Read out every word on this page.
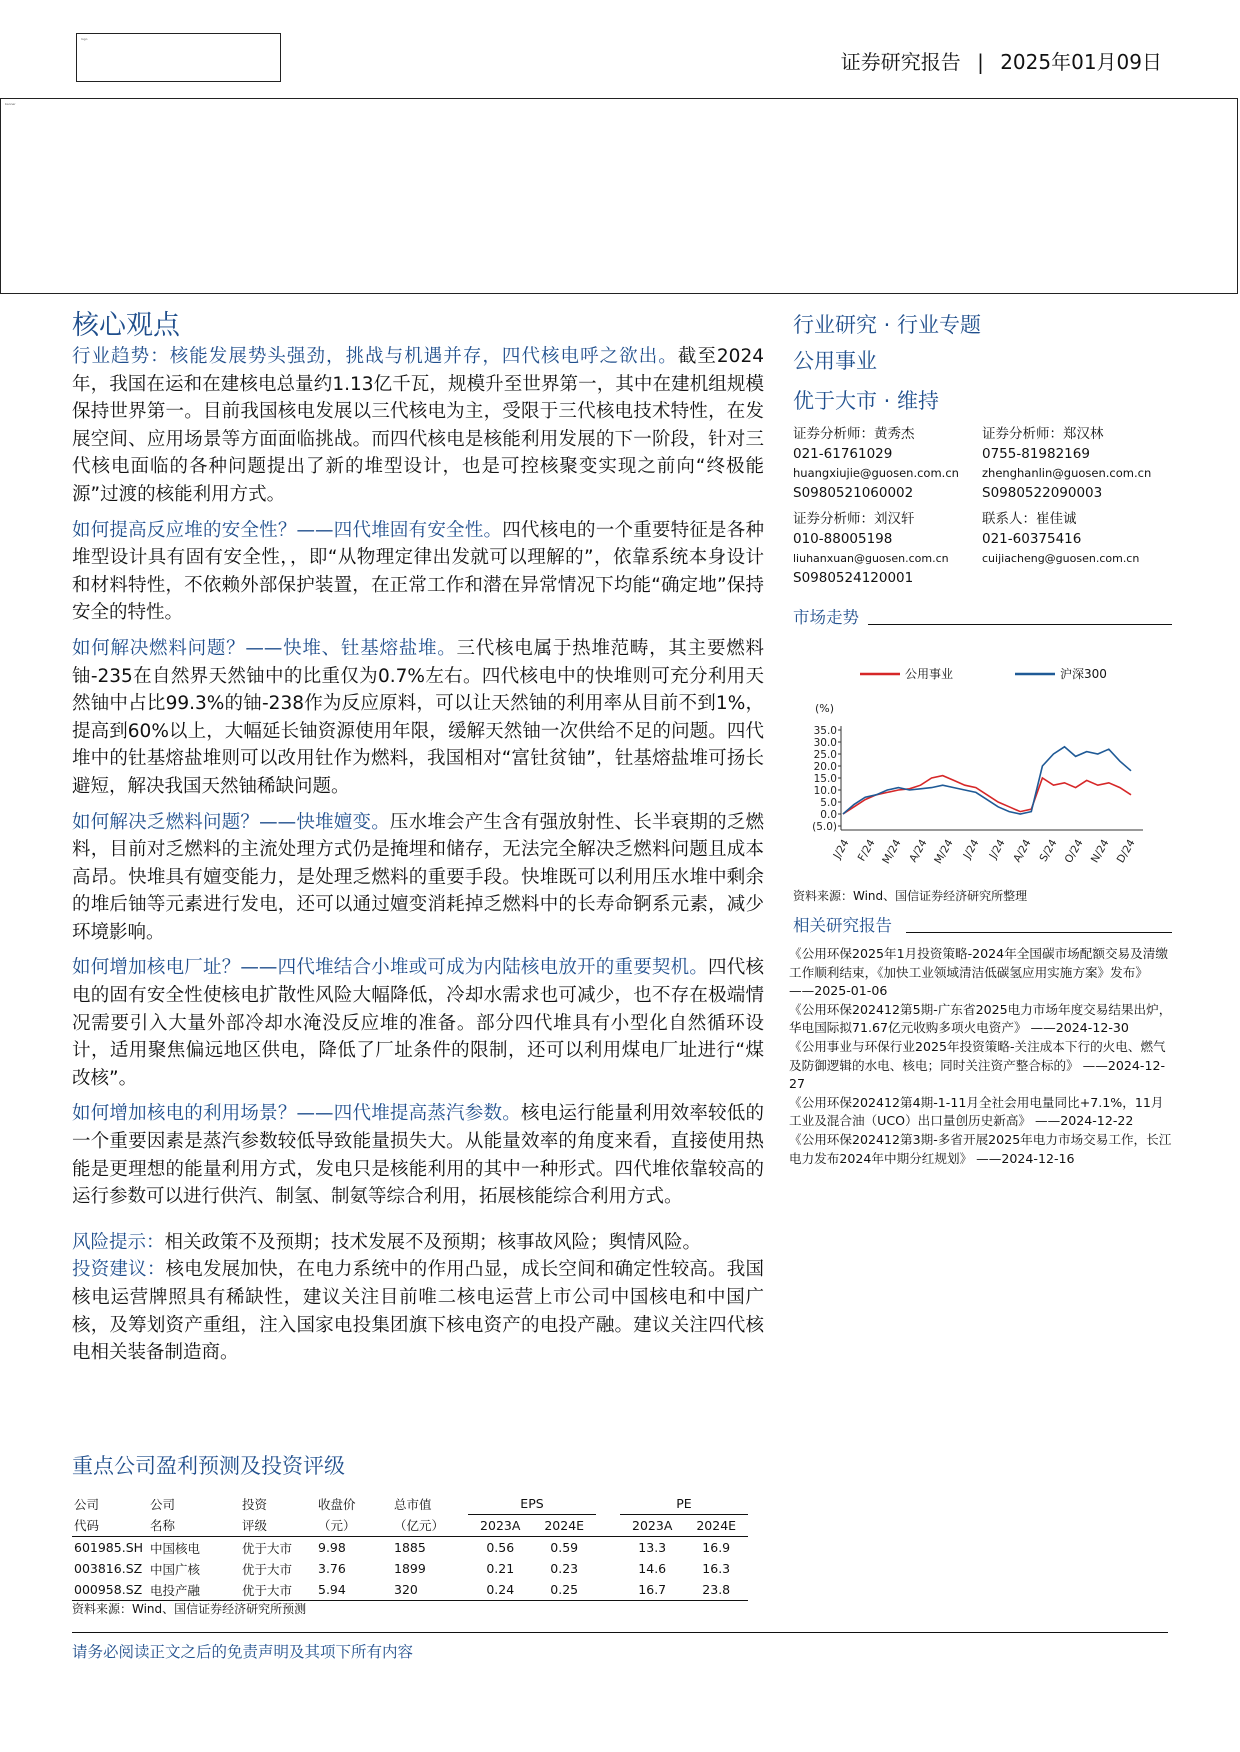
logo
证券研究报告 | 2025年01月09日
banner
核心观点

行业趋势：核能发展势头强劲，挑战与机遇并存，四代核电呼之欲出。截至2024年，我国在运和在建核电总量约1.13亿千瓦，规模升至世界第一，其中在建机组规模保持世界第一。目前我国核电发展以三代核电为主，受限于三代核电技术特性，在发展空间、应用场景等方面面临挑战。而四代核电是核能利用发展的下一阶段，针对三代核电面临的各种问题提出了新的堆型设计，也是可控核聚变实现之前向“终极能源”过渡的核能利用方式。

如何提高反应堆的安全性？——四代堆固有安全性。四代核电的一个重要特征是各种堆型设计具有固有安全性，，即“从物理定律出发就可以理解的”，依靠系统本身设计和材料特性，不依赖外部保护装置，在正常工作和潜在异常情况下均能“确定地”保持安全的特性。

如何解决燃料问题？——快堆、钍基熔盐堆。三代核电属于热堆范畴，其主要燃料铀-235在自然界天然铀中的比重仅为0.7%左右。四代核电中的快堆则可充分利用天然铀中占比99.3%的铀-238作为反应原料，可以让天然铀的利用率从目前不到1%，提高到60%以上，大幅延长铀资源使用年限，缓解天然铀一次供给不足的问题。四代堆中的钍基熔盐堆则可以改用钍作为燃料，我国相对“富钍贫铀”，钍基熔盐堆可扬长避短，解决我国天然铀稀缺问题。

如何解决乏燃料问题？——快堆嬗变。压水堆会产生含有强放射性、长半衰期的乏燃料，目前对乏燃料的主流处理方式仍是掩埋和储存，无法完全解决乏燃料问题且成本高昂。快堆具有嬗变能力，是处理乏燃料的重要手段。快堆既可以利用压水堆中剩余的堆后铀等元素进行发电，还可以通过嬗变消耗掉乏燃料中的长寿命锕系元素，减少环境影响。

如何增加核电厂址？——四代堆结合小堆或可成为内陆核电放开的重要契机。四代核电的固有安全性使核电扩散性风险大幅降低，冷却水需求也可减少，也不存在极端情况需要引入大量外部冷却水淹没反应堆的准备。部分四代堆具有小型化自然循环设计，适用聚焦偏远地区供电，降低了厂址条件的限制，还可以利用煤电厂址进行“煤改核”。

如何增加核电的利用场景？——四代堆提高蒸汽参数。核电运行能量利用效率较低的一个重要因素是蒸汽参数较低导致能量损失大。从能量效率的角度来看，直接使用热能是更理想的能量利用方式，发电只是核能利用的其中一种形式。四代堆依靠较高的运行参数可以进行供汽、制氢、制氨等综合利用，拓展核能综合利用方式。

风险提示：相关政策不及预期；技术发展不及预期；核事故风险；舆情风险。

投资建议：核电发展加快，在电力系统中的作用凸显，成长空间和确定性较高。我国核电运营牌照具有稀缺性，建议关注目前唯二核电运营上市公司中国核电和中国广核，及筹划资产重组，注入国家电投集团旗下核电资产的电投产融。建议关注四代核电相关装备制造商。

行业研究 · 行业专题
公用事业
优于大市 · 维持
证券分析师：黄秀杰
021-61761029
huangxiujie@guosen.com.cn
S0980521060002
证券分析师：郑汉林
0755-81982169
zhenghanlin@guosen.com.cn
S0980522090003
证券分析师：刘汉轩
010-88005198
liuhanxuan@guosen.com.cn
S0980524120001
联系人：崔佳诚
021-60375416
cuijiacheng@guosen.com.cn
市场走势
公用事业	沪深300
(%)
35.0
30.0
25.0
20.0
15.0
10.0
5.0
0.0
(5.0)
J/24 F/24 M/24 A/24 M/24 J/24 J/24 A/24 S/24 O/24 N/24 D/24
资料来源：Wind、国信证券经济研究所整理
相关研究报告

《公用环保2025年1月投资策略-2024年全国碳市场配额交易及清缴工作顺利结束，《加快工业领域清洁低碳氢应用实施方案》发布》 ——2025-01-06

《公用环保202412第5期-广东省2025电力市场年度交易结果出炉，华电国际拟71.67亿元收购多项火电资产》 ——2024-12-30

《公用事业与环保行业2025年投资策略-关注成本下行的火电、燃气及防御逻辑的水电、核电；同时关注资产整合标的》 ——2024-12-27

《公用环保202412第4期-1-11月全社会用电量同比+7.1%，11月工业及混合油（UCO）出口量创历史新高》 ——2024-12-22

《公用环保202412第3期-多省开展2025年电力市场交易工作，长江电力发布2024年中期分红规划》 ——2024-12-16

重点公司盈利预测及投资评级
公司	公司	投资	收盘价	总市值	EPS			PE	
代码	名称	评级	（元）	（亿元）	2023A	2024E		2023A	2024E
601985.SH	中国核电	优于大市	9.98	1885	0.56	0.59		13.3	16.9
003816.SZ	中国广核	优于大市	3.76	1899	0.21	0.23		14.6	16.3
000958.SZ	电投产融	优于大市	5.94	320	0.24	0.25		16.7	23.8
资料来源：Wind、国信证券经济研究所预测
请务必阅读正文之后的免责声明及其项下所有内容
